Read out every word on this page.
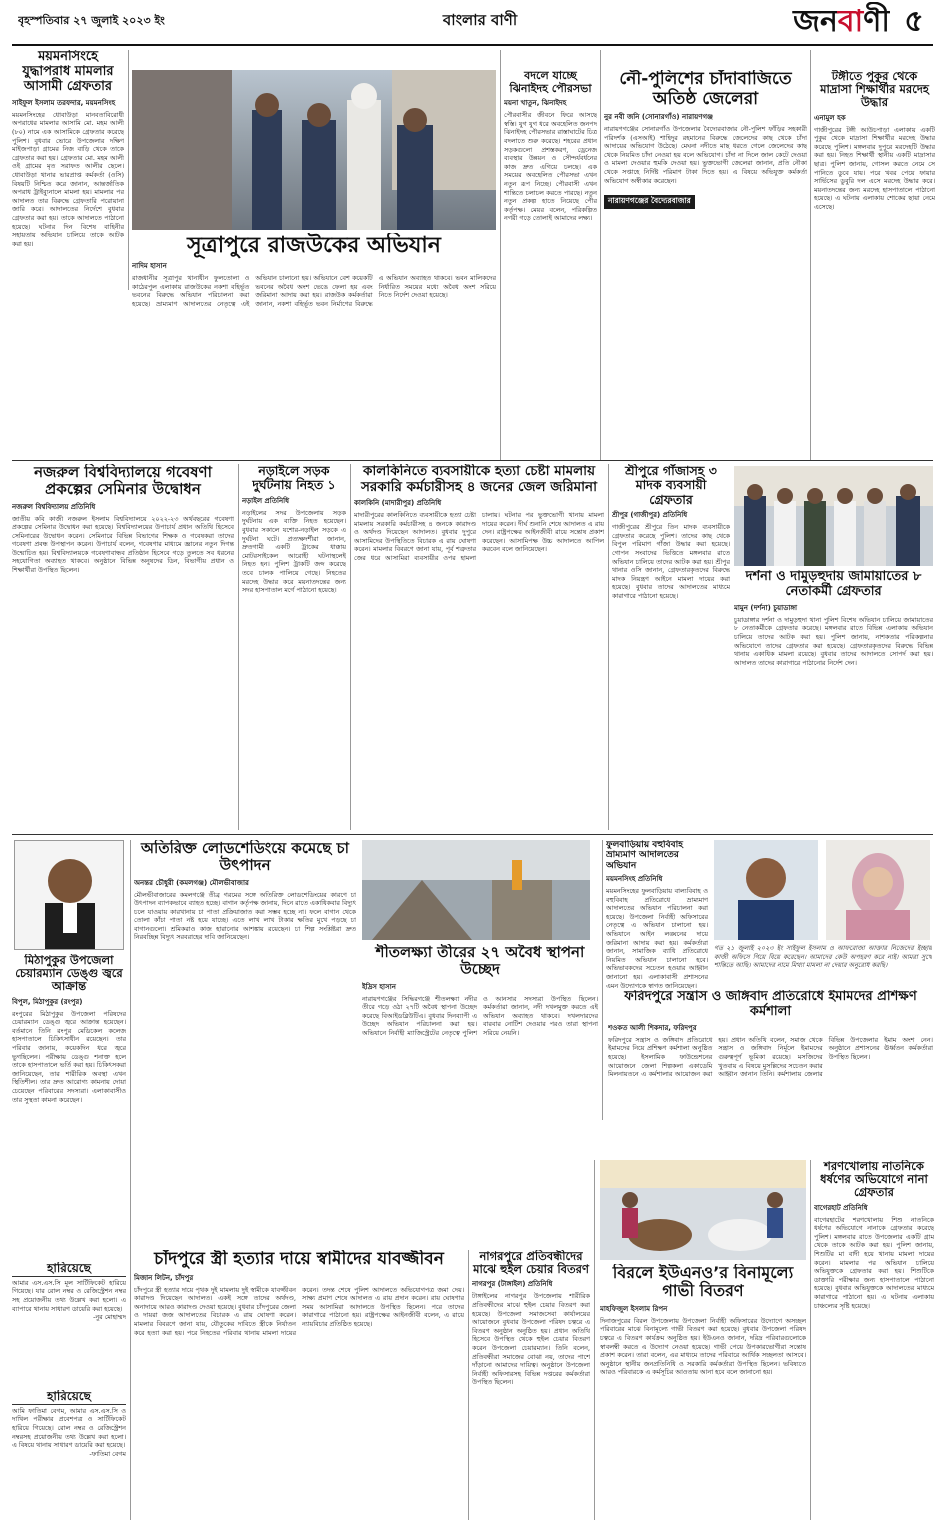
বৃহস্পতিবার ২৭ জুলাই ২০২৩ ইং	বাংলার বাণী	জনবাণী ৫
ময়মনসিংহে যুদ্ধাপরাধ মামলার আসামী গ্রেফতার
সাইফুল ইসলাম তরফদার, ময়মনসিংহ
ময়মনসিংহের ধোবাউড়া মানবতাবিরোধী অপরাধের মামলার আসামি মো. মহম আলী (৮০) নামে এক আসামিকে গ্রেফতার করেছে পুলিশ। বুধবার ভোরে উপজেলার দক্ষিণ মাইজপাড়া গ্রামের নিজ বাড়ি থেকে তাকে গ্রেফতার করা হয়। গ্রেফতার মো. মহম আলী ওই গ্রামের মৃত সরাফত আলীর ছেলে। ধোবাউড়া থানার ভারপ্রাপ্ত কর্মকর্তা (ওসি) বিষয়টি নিশ্চিত করে জানান, আন্তর্জাতিক অপরাধ ট্রাইব্যুনালে মামলা হয়। মামলার পর আদালত তার বিরুদ্ধে গ্রেফতারি পরোয়ানা জারি করে। আদালতের নির্দেশে বুধবার গ্রেফতার করা হয়। তাকে আদালতে পাঠানো হয়েছে। ঘটনার দিন বিশেষ বাহিনীর সহায়তায় অভিযান চালিয়ে তাকে আটক করা হয়।	সূত্রাপুরে রাজউকের অভিযান
নাদিম হাসান
রাজধানীর সূত্রাপুর থানাধীন ফুলতোলা ও কাঠেরপুল এলাকায় রাজউকের নকশা বহির্ভূত ভবনের বিরুদ্ধে অভিযান পরিচালনা করা হয়েছে। ভ্রাম্যমাণ আদালতের নেতৃত্বে এই অভিযান চালানো হয়। অভিযানে বেশ কয়েকটি ভবনের অবৈধ অংশ ভেঙে ফেলা হয় এবং জরিমানা আদায় করা হয়। রাজউক কর্মকর্তারা জানান, নকশা বহির্ভূত ভবন নির্মাণের বিরুদ্ধে এ অভিযান অব্যাহত থাকবে। ভবন মালিকদের নির্ধারিত সময়ের মধ্যে অবৈধ অংশ সরিয়ে নিতে নির্দেশ দেওয়া হয়েছে।
বদলে যাচ্ছে ঝিনাইদহ পৌরসভা
ময়না খাতুন, ঝিনাইদহ
পৌরবাসীর জীবনে ফিরে আসছে স্বস্তি। যুগ যুগ ধরে অবহেলিত জনপদ ঝিনাইদহ পৌরসভার রাস্তাঘাটের চিত্র বদলাতে শুরু করেছে। শহরের প্রধান সড়কগুলো প্রশস্তকরণ, ড্রেনেজ ব্যবস্থার উন্নয়ন ও সৌন্দর্যবর্ধনের কাজ দ্রুত এগিয়ে চলছে। এক সময়ের অবহেলিত পৌরসভা এখন নতুন রূপ নিচ্ছে। পৌরবাসী এখন শান্তিতে চলাচল করতে পারছে। নতুন নতুন প্রকল্প হাতে নিয়েছে পৌর কর্তৃপক্ষ। মেয়র বলেন, পরিকল্পিত নগরী গড়ে তোলাই আমাদের লক্ষ্য।
নৌ-পুলিশের চাঁদাবাজিতে অতিষ্ঠ জেলেরা
নুর নবী জনি (সোনারগাঁও) নারায়ণগঞ্জ
নারায়ণগঞ্জের সোনারগাঁও উপজেলার বৈদ্যেরবাজার নৌ-পুলিশ ফাঁড়ির সহকারী পরিদর্শক (এসআই) শাহিদুর রহমানের বিরুদ্ধে জেলেদের কাছ থেকে চাঁদা আদায়ের অভিযোগ উঠেছে। মেঘনা নদীতে মাছ ধরতে গেলে জেলেদের কাছ থেকে নিয়মিত চাঁদা নেওয়া হয় বলে অভিযোগ। চাঁদা না দিলে জাল কেটে দেওয়া ও মামলা দেওয়ার হুমকি দেওয়া হয়। ভুক্তভোগী জেলেরা জানান, প্রতি নৌকা থেকে সপ্তাহে নির্দিষ্ট পরিমাণ টাকা দিতে হয়। এ বিষয়ে অভিযুক্ত কর্মকর্তা অভিযোগ অস্বীকার করেছেন।
নারায়ণগঞ্জের বৈদ্যেরবাজার
টঙ্গীতে পুকুর থেকে মাদ্রাসা শিক্ষার্থীর মরদেহ উদ্ধার
এনামুল হক
গাজীপুরের টঙ্গী আউচপাড়া এলাকায় একটি পুকুর থেকে মাদ্রাসা শিক্ষার্থীর মরদেহ উদ্ধার করেছে পুলিশ। মঙ্গলবার দুপুরে মরদেহটি উদ্ধার করা হয়। নিহত শিক্ষার্থী স্থানীয় একটি মাদ্রাসার ছাত্র। পুলিশ জানায়, গোসল করতে নেমে সে পানিতে ডুবে যায়। পরে খবর পেয়ে ফায়ার সার্ভিসের ডুবুরি দল এসে মরদেহ উদ্ধার করে। ময়নাতদন্তের জন্য মরদেহ হাসপাতালে পাঠানো হয়েছে। এ ঘটনায় এলাকায় শোকের ছায়া নেমে এসেছে।
নজরুল বিশ্ববিদ্যালয়ে গবেষণা প্রকল্পের সেমিনার উদ্বোধন
নজরুল বিশ্ববিদ্যালয় প্রতিনিধি
জাতীয় কবি কাজী নজরুল ইসলাম বিশ্ববিদ্যালয়ে ২০২২-২৩ অর্থবছরের গবেষণা প্রকল্পের সেমিনার উদ্বোধন করা হয়েছে। বিশ্ববিদ্যালয়ের উপাচার্য প্রধান অতিথি হিসেবে সেমিনারের উদ্বোধন করেন। সেমিনারে বিভিন্ন বিভাগের শিক্ষক ও গবেষকরা তাদের গবেষণা প্রবন্ধ উপস্থাপন করেন। উপাচার্য বলেন, গবেষণার মাধ্যমে জ্ঞানের নতুন দিগন্ত উন্মোচিত হয়। বিশ্ববিদ্যালয়কে গবেষণাবান্ধব প্রতিষ্ঠান হিসেবে গড়ে তুলতে সব ধরনের সহযোগিতা অব্যাহত থাকবে। অনুষ্ঠানে বিভিন্ন অনুষদের ডিন, বিভাগীয় প্রধান ও শিক্ষার্থীরা উপস্থিত ছিলেন।
নড়াইলে সড়ক দুর্ঘটনায় নিহত ১
নড়াইল প্রতিনিধি
নড়াইলের সদর উপজেলায় সড়ক দুর্ঘটনায় এক ব্যক্তি নিহত হয়েছেন। বুধবার সকালে যশোর-নড়াইল সড়কে এ দুর্ঘটনা ঘটে। প্রত্যক্ষদর্শীরা জানান, দ্রুতগামী একটি ট্রাকের ধাক্কায় মোটরসাইকেল আরোহী ঘটনাস্থলেই নিহত হন। পুলিশ ট্রাকটি জব্দ করেছে তবে চালক পালিয়ে গেছে। নিহতের মরদেহ উদ্ধার করে ময়নাতদন্তের জন্য সদর হাসপাতাল মর্গে পাঠানো হয়েছে।
কালকিনিতে ব্যবসায়ীকে হত্যা চেষ্টা মামলায় সরকারি কর্মচারীসহ ৪ জনের জেল জরিমানা
কালকিনি (মাদারীপুর) প্রতিনিধি
মাদারীপুরের কালকিনিতে ব্যবসায়ীকে হত্যা চেষ্টা মামলায় সরকারি কর্মচারীসহ ৪ জনকে কারাদণ্ড ও অর্থদণ্ড দিয়েছেন আদালত। বুধবার দুপুরে আসামিদের উপস্থিতিতে বিচারক এ রায় ঘোষণা করেন। মামলার বিবরণে জানা যায়, পূর্ব শত্রুতার জের ধরে আসামিরা ব্যবসায়ীর ওপর হামলা চালায়। ঘটনার পর ভুক্তভোগী থানায় মামলা দায়ের করেন। দীর্ঘ শুনানি শেষে আদালত এ রায় দেন। রাষ্ট্রপক্ষের আইনজীবী রায়ে সন্তোষ প্রকাশ করেছেন। আসামিপক্ষ উচ্চ আদালতে আপিল করবেন বলে জানিয়েছেন।
শ্রীপুরে গাঁজাসহ ৩ মাদক ব্যবসায়ী গ্রেফতার
শ্রীপুর (গাজীপুর) প্রতিনিধি
গাজীপুরের শ্রীপুরে তিন মাদক ব্যবসায়ীকে গ্রেফতার করেছে পুলিশ। তাদের কাছ থেকে বিপুল পরিমাণ গাঁজা উদ্ধার করা হয়েছে। গোপন সংবাদের ভিত্তিতে মঙ্গলবার রাতে অভিযান চালিয়ে তাদের আটক করা হয়। শ্রীপুর থানার ওসি জানান, গ্রেফতারকৃতদের বিরুদ্ধে মাদক নিয়ন্ত্রণ আইনে মামলা দায়ের করা হয়েছে। বুধবার তাদের আদালতের মাধ্যমে কারাগারে পাঠানো হয়েছে।
দর্শনা ও দামুড়হুদায় জামায়াতের ৮ নেতাকর্মী গ্রেফতার
মামুন (দর্শনা) চুয়াডাঙ্গা
চুয়াডাঙ্গার দর্শনা ও দামুড়হুদা থানা পুলিশ বিশেষ অভিযান চালিয়ে জামায়াতের ৮ নেতাকর্মীকে গ্রেফতার করেছে। মঙ্গলবার রাতে বিভিন্ন এলাকায় অভিযান চালিয়ে তাদের আটক করা হয়। পুলিশ জানায়, নাশকতার পরিকল্পনার অভিযোগে তাদের গ্রেফতার করা হয়েছে। গ্রেফতারকৃতদের বিরুদ্ধে বিভিন্ন থানায় একাধিক মামলা রয়েছে। বুধবার তাদের আদালতে সোপর্দ করা হয়। আদালত তাদের কারাগারে পাঠানোর নির্দেশ দেন।
মিঠাপুকুর উপজেলা চেয়ারম্যান ডেঙ্গু জ্বরে আক্রান্ত
বিপুল, মিঠাপুকুর (রংপুর)
রংপুরের মিঠাপুকুর উপজেলা পরিষদের চেয়ারম্যান ডেঙ্গু জ্বরে আক্রান্ত হয়েছেন। বর্তমানে তিনি রংপুর মেডিকেল কলেজ হাসপাতালে চিকিৎসাধীন রয়েছেন। তার পরিবার জানায়, কয়েকদিন ধরে জ্বরে ভুগছিলেন। পরীক্ষায় ডেঙ্গু শনাক্ত হলে তাকে হাসপাতালে ভর্তি করা হয়। চিকিৎসকরা জানিয়েছেন, তার শারীরিক অবস্থা এখন স্থিতিশীল। তার দ্রুত আরোগ্য কামনায় দোয়া চেয়েছেন পরিবারের সদস্যরা। এলাকাবাসীও তার সুস্থতা কামনা করেছেন।
অতিরিক্ত লোডশেডিংয়ে কমেছে চা উৎপাদন
অনন্তর চৌধুরী (কমলগঞ্জ) মৌলভীবাজার
মৌলভীবাজারের কমলগঞ্জে তীব্র গরমের সঙ্গে অতিরিক্ত লোডশেডিংয়ের কারণে চা উৎপাদন ব্যাপকভাবে ব্যাহত হচ্ছে। বাগান কর্তৃপক্ষ জানায়, দিনে রাতে একাধিকবার বিদ্যুৎ চলে যাওয়ায় কারখানায় চা পাতা প্রক্রিয়াজাত করা সম্ভব হচ্ছে না। ফলে বাগান থেকে তোলা কাঁচা পাতা নষ্ট হয়ে যাচ্ছে। এতে লাখ লাখ টাকার ক্ষতির মুখে পড়ছে চা বাগানগুলো। শ্রমিকরাও কাজ হারানোর আশঙ্কায় রয়েছেন। চা শিল্প সংশ্লিষ্টরা দ্রুত নিরবচ্ছিন্ন বিদ্যুৎ সরবরাহের দাবি জানিয়েছেন।
শীতলক্ষ্যা তীরের ২৭ অবৈধ স্থাপনা উচ্ছেদ
ইদ্রিস হাসান
নারায়ণগঞ্জের সিদ্ধিরগঞ্জে শীতলক্ষ্যা নদীর তীরে গড়ে ওঠা ২৭টি অবৈধ স্থাপনা উচ্ছেদ করেছে বিআইডব্লিউটিএ। বুধবার দিনব্যাপী এ উচ্ছেদ অভিযান পরিচালনা করা হয়। অভিযানে নির্বাহী ম্যাজিস্ট্রেটের নেতৃত্বে পুলিশ ও আনসার সদস্যরা উপস্থিত ছিলেন। কর্মকর্তারা জানান, নদী দখলমুক্ত করতে এই অভিযান অব্যাহত থাকবে। দখলদারদের বারবার নোটিশ দেওয়ার পরও তারা স্থাপনা সরিয়ে নেয়নি।
ফুলবাড়িয়ায় বহুবিবাহ ভ্রাম্যমাণ আদালতের অভিযান
ময়মনসিংহ প্রতিনিধি
ময়মনসিংহের ফুলবাড়িয়ায় বাল্যবিবাহ ও বহুবিবাহ প্রতিরোধে ভ্রাম্যমাণ আদালতের অভিযান পরিচালনা করা হয়েছে। উপজেলা নির্বাহী অফিসারের নেতৃত্বে এ অভিযান চালানো হয়। অভিযানে আইন লঙ্ঘনের দায়ে জরিমানা আদায় করা হয়। কর্মকর্তারা জানান, সামাজিক ব্যাধি প্রতিরোধে নিয়মিত অভিযান চালানো হবে। অভিভাবকদের সচেতন হওয়ার আহ্বান জানানো হয়। এলাকাবাসী প্রশাসনের এমন উদ্যোগকে স্বাগত জানিয়েছেন।
গত ২১ জুলাই ২০২৩ ইং সাইফুল ইসলাম ও আফরোজা আক্তার নিজেদের ইচ্ছায় কাজী অফিসে গিয়ে বিয়ে করেছেন। আমাদের কেউ অপহরণ করে নাই। আমরা সুখে শান্তিতে আছি। আমাদের নামে মিথ্যা মামলা না দেয়ার অনুরোধ করছি।
ফরিদপুরে সন্ত্রাস ও জঙ্গিবাদ প্রতিরোধে ইমামদের প্রশিক্ষণ কর্মশালা
শওকত আলী শিকদার, ফরিদপুর
ফরিদপুরে সন্ত্রাস ও জঙ্গিবাদ প্রতিরোধে ইমামদের নিয়ে প্রশিক্ষণ কর্মশালা অনুষ্ঠিত হয়েছে। ইসলামিক ফাউন্ডেশনের আয়োজনে জেলা শিল্পকলা একাডেমি মিলনায়তনে এ কর্মশালার আয়োজন করা হয়। প্রধান অতিথি বলেন, সমাজ থেকে সন্ত্রাস ও জঙ্গিবাদ নির্মূলে ইমামদের গুরুত্বপূর্ণ ভূমিকা রয়েছে। মসজিদের খুতবায় এ বিষয়ে মুসল্লিদের সচেতন করার আহ্বান জানান তিনি। কর্মশালায় জেলার বিভিন্ন উপজেলার ইমাম অংশ নেন। অনুষ্ঠানে প্রশাসনের ঊর্ধ্বতন কর্মকর্তারা উপস্থিত ছিলেন।
হারিয়েছে
আমার এস.এস.সি মূল সার্টিফিকেট হারিয়ে গিয়েছে। যার রোল নম্বর ও রেজিস্ট্রেশন নম্বর সহ প্রয়োজনীয় তথ্য উল্লেখ করা হলো। এ ব্যাপারে থানায় সাধারণ ডায়েরি করা হয়েছে।
-নুর মোহাম্মদ
হারিয়েছে
আমি ফাতিমা বেগম, আমার এস.এস.সি ও দাখিল পরীক্ষার প্রবেশপত্র ও সার্টিফিকেট হারিয়ে গিয়েছে। রোল নম্বর ও রেজিস্ট্রেশন নম্বরসহ প্রয়োজনীয় তথ্য উল্লেখ করা হলো। এ বিষয়ে থানায় সাধারণ ডায়েরি করা হয়েছে।
-ফাতিমা বেগম
চাঁদপুরে স্ত্রী হত্যার দায়ে স্বামীদের যাবজ্জীবন
মিজান লিটন, চাঁদপুর
চাঁদপুরে স্ত্রী হত্যার দায়ে পৃথক দুই মামলায় দুই স্বামীকে যাবজ্জীবন কারাদণ্ড দিয়েছেন আদালত। একই সঙ্গে তাদের অর্থদণ্ড, অনাদায়ে আরও কারাদণ্ড দেওয়া হয়েছে। বুধবার চাঁদপুরের জেলা ও দায়রা জজ আদালতের বিচারক এ রায় ঘোষণা করেন। মামলার বিবরণে জানা যায়, যৌতুকের দাবিতে স্ত্রীকে নির্যাতন করে হত্যা করা হয়। পরে নিহতের পরিবার থানায় মামলা দায়ের করেন। তদন্ত শেষে পুলিশ আদালতে অভিযোগপত্র জমা দেয়। সাক্ষ্য প্রমাণ শেষে আদালত এ রায় প্রদান করেন। রায় ঘোষণার সময় আসামিরা আদালতে উপস্থিত ছিলেন। পরে তাদের কারাগারে পাঠানো হয়। রাষ্ট্রপক্ষের আইনজীবী বলেন, এ রায়ে ন্যায়বিচার প্রতিষ্ঠিত হয়েছে।
নাগরপুরে প্রতিবন্ধীদের মাঝে হুইল চেয়ার বিতরণ
নাগরপুর (টাঙ্গাইল) প্রতিনিধি
টাঙ্গাইলের নাগরপুর উপজেলায় শারীরিক প্রতিবন্ধীদের মাঝে হুইল চেয়ার বিতরণ করা হয়েছে। উপজেলা সমাজসেবা কার্যালয়ের আয়োজনে বুধবার উপজেলা পরিষদ চত্বরে এ বিতরণ অনুষ্ঠান অনুষ্ঠিত হয়। প্রধান অতিথি হিসেবে উপস্থিত থেকে হুইল চেয়ার বিতরণ করেন উপজেলা চেয়ারম্যান। তিনি বলেন, প্রতিবন্ধীরা সমাজের বোঝা নয়, তাদের পাশে দাঁড়ানো আমাদের দায়িত্ব। অনুষ্ঠানে উপজেলা নির্বাহী অফিসারসহ বিভিন্ন দপ্তরের কর্মকর্তারা উপস্থিত ছিলেন।
বিরলে ইউএনও’র বিনামূল্যে গাভী বিতরণ
মাহফিজুল ইসলাম রিপন
দিনাজপুরের বিরল উপজেলায় উপজেলা নির্বাহী অফিসারের উদ্যোগে অসচ্ছল পরিবারের মাঝে বিনামূল্যে গাভী বিতরণ করা হয়েছে। বুধবার উপজেলা পরিষদ চত্বরে এ বিতরণ কার্যক্রম অনুষ্ঠিত হয়। ইউএনও জানান, দরিদ্র পরিবারগুলোকে স্বাবলম্বী করতে এ উদ্যোগ নেওয়া হয়েছে। গাভী পেয়ে উপকারভোগীরা সন্তোষ প্রকাশ করেন। তারা বলেন, এর মাধ্যমে তাদের পরিবারে আর্থিক সচ্ছলতা আসবে। অনুষ্ঠানে স্থানীয় জনপ্রতিনিধি ও সরকারি কর্মকর্তারা উপস্থিত ছিলেন। ভবিষ্যতে আরও পরিবারকে এ কর্মসূচির আওতায় আনা হবে বলে জানানো হয়।
শরণখোলায় নাতনিকে ধর্ষণের অভিযোগে নানা গ্রেফতার
বাগেরহাট প্রতিনিধি
বাগেরহাটের শরণখোলায় শিশু নাতনিকে ধর্ষণের অভিযোগে নানাকে গ্রেফতার করেছে পুলিশ। মঙ্গলবার রাতে উপজেলার একটি গ্রাম থেকে তাকে আটক করা হয়। পুলিশ জানায়, শিশুটির মা বাদী হয়ে থানায় মামলা দায়ের করেন। মামলার পর অভিযান চালিয়ে অভিযুক্তকে গ্রেফতার করা হয়। শিশুটিকে ডাক্তারি পরীক্ষার জন্য হাসপাতালে পাঠানো হয়েছে। বুধবার অভিযুক্তকে আদালতের মাধ্যমে কারাগারে পাঠানো হয়। এ ঘটনায় এলাকায় চাঞ্চল্যের সৃষ্টি হয়েছে।
